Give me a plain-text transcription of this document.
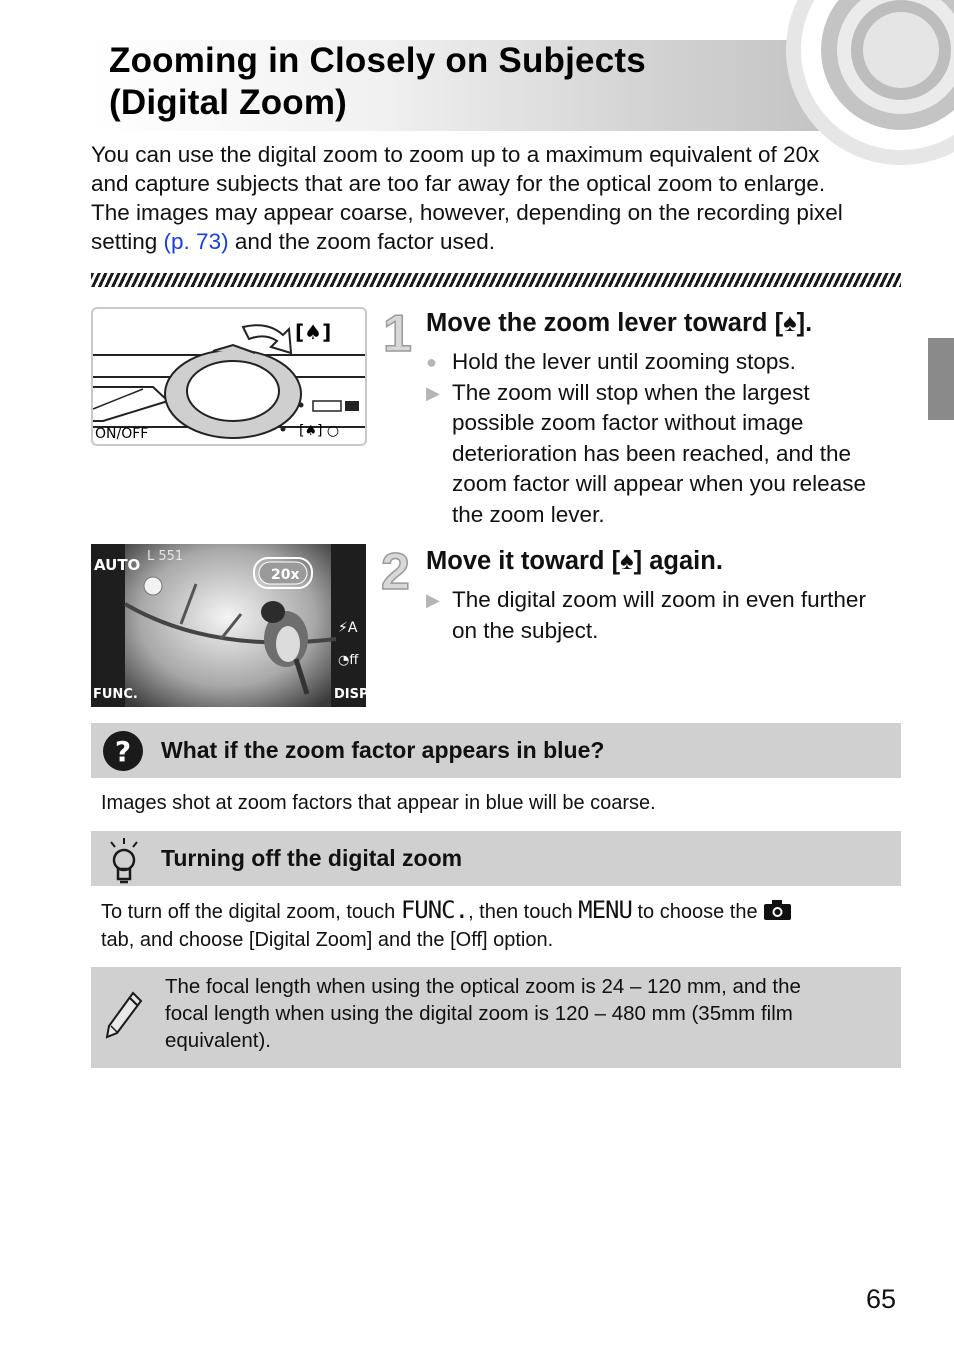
Zooming in Closely on Subjects
(Digital Zoom)
You can use the digital zoom to zoom up to a maximum equivalent of 20x
and capture subjects that are too far away for the optical zoom to enlarge.
The images may appear coarse, however, depending on the recording pixel
setting (p. 73) and the zoom factor used.
[♠]
[♠] ○
ON/OFF
1 Move the zoom lever toward [♠].
● Hold the lever until zooming stops.
▶ The zoom will stop when the largest
possible zoom factor without image
deterioration has been reached, and the
zoom factor will appear when you release
the zoom lever.
AUTO L 551
20x
⚡A
◔ff
FUNC.	DISP.
2 Move it toward [♠] again.
▶ The digital zoom will zoom in even further
on the subject.
? What if the zoom factor appears in blue?
Images shot at zoom factors that appear in blue will be coarse.
Turning off the digital zoom
To turn off the digital zoom, touch FUNC., then touch MENU to choose the
tab, and choose [Digital Zoom] and the [Off] option.
The focal length when using the optical zoom is 24 – 120 mm, and the
focal length when using the digital zoom is 120 – 480 mm (35mm film
equivalent).
65
